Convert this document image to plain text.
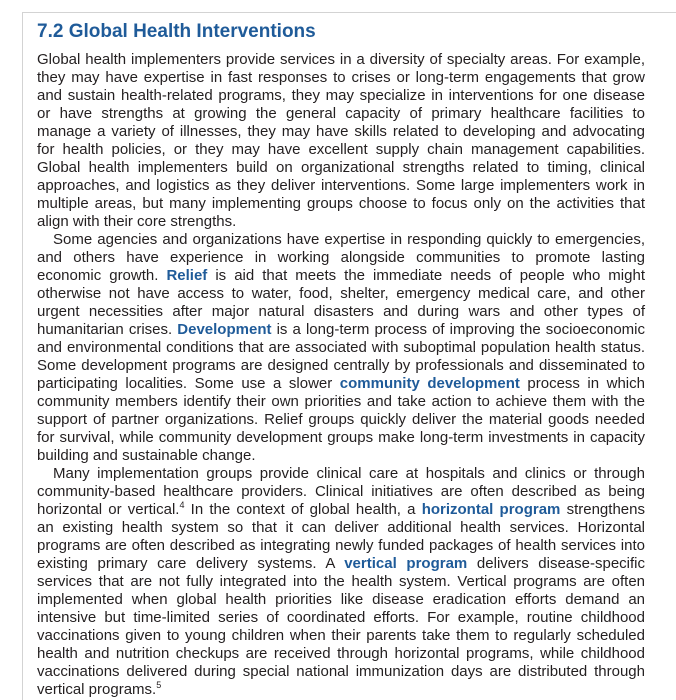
7.2 Global Health Interventions
Global health implementers provide services in a diversity of specialty areas. For example,
they may have expertise in fast responses to crises or long-term engagements that grow
and sustain health-related programs, they may specialize in interventions for one disease
or have strengths at growing the general capacity of primary healthcare facilities to
manage a variety of illnesses, they may have skills related to developing and advocating
for health policies, or they may have excellent supply chain management capabilities.
Global health implementers build on organizational strengths related to timing, clinical
approaches, and logistics as they deliver interventions. Some large implementers work in
multiple areas, but many implementing groups choose to focus only on the activities that
align with their core strengths.
Some agencies and organizations have expertise in responding quickly to emergencies,
and others have experience in working alongside communities to promote lasting
economic growth. Relief is aid that meets the immediate needs of people who might
otherwise not have access to water, food, shelter, emergency medical care, and other
urgent necessities after major natural disasters and during wars and other types of
humanitarian crises. Development is a long-term process of improving the socioeconomic
and environmental conditions that are associated with suboptimal population health status.
Some development programs are designed centrally by professionals and disseminated to
participating localities. Some use a slower community development process in which
community members identify their own priorities and take action to achieve them with the
support of partner organizations. Relief groups quickly deliver the material goods needed
for survival, while community development groups make long-term investments in capacity
building and sustainable change.
Many implementation groups provide clinical care at hospitals and clinics or through
community-based healthcare providers. Clinical initiatives are often described as being
horizontal or vertical.$^4$ In the context of global health, a horizontal program strengthens
an existing health system so that it can deliver additional health services. Horizontal
programs are often described as integrating newly funded packages of health services into
existing primary care delivery systems. A vertical program delivers disease-specific
services that are not fully integrated into the health system. Vertical programs are often
implemented when global health priorities like disease eradication efforts demand an
intensive but time-limited series of coordinated efforts. For example, routine childhood
vaccinations given to young children when their parents take them to regularly scheduled
health and nutrition checkups are received through horizontal programs, while childhood
vaccinations delivered during special national immunization days are distributed through
vertical programs.$^5$
